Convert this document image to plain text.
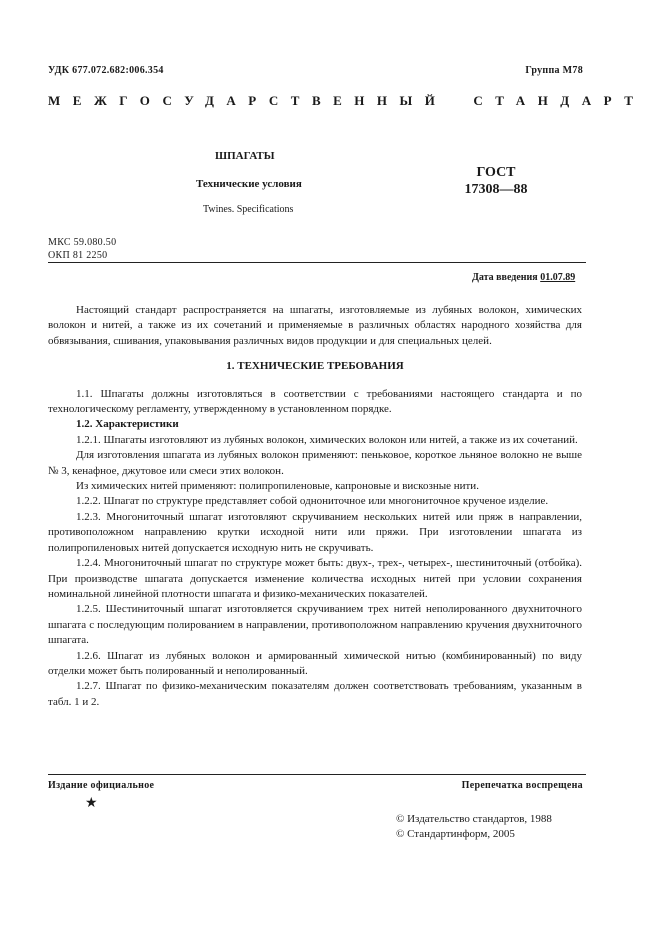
УДК 677.072.682:006.354	Группа М78
МЕЖГОСУДАРСТВЕННЫЙ СТАНДАРТ
ШПАГАТЫ
Технические условия
Twines. Specifications
ГОСТ
17308—88
МКС 59.080.50
ОКП 81 2250
Дата введения 01.07.89

Настоящий стандарт распространяется на шпагаты, изготовляемые из лубяных волокон, химических волокон и нитей, а также из их сочетаний и применяемые в различных областях народного хозяйства для обвязывания, сшивания, упаковывания различных видов продукции и для специальных целей.

1. ТЕХНИЧЕСКИЕ ТРЕБОВАНИЯ

1.1. Шпагаты должны изготовляться в соответствии с требованиями настоящего стандарта и по технологическому регламенту, утвержденному в установленном порядке.

1.2. Характеристики

1.2.1. Шпагаты изготовляют из лубяных волокон, химических волокон или нитей, а также из их сочетаний.

Для изготовления шпагата из лубяных волокон применяют: пеньковое, короткое льняное волокно не выше № 3, кенафное, джутовое или смеси этих волокон.

Из химических нитей применяют: полипропиленовые, капроновые и вискозные нити.

1.2.2. Шпагат по структуре представляет собой однониточное или многониточное крученое изделие.

1.2.3. Многониточный шпагат изготовляют скручиванием нескольких нитей или пряж в направлении, противоположном направлению крутки исходной нити или пряжи. При изготовлении шпагата из полипропиленовых нитей допускается исходную нить не скручивать.

1.2.4. Многониточный шпагат по структуре может быть: двух-, трех-, четырех-, шестиниточный (отбойка). При производстве шпагата допускается изменение количества исходных нитей при условии сохранения номинальной линейной плотности шпагата и физико-механических показателей.

1.2.5. Шестиниточный шпагат изготовляется скручиванием трех нитей неполированного двухниточного шпагата с последующим полированием в направлении, противоположном направлению кручения двухниточного шпагата.

1.2.6. Шпагат из лубяных волокон и армированный химической нитью (комбинированный) по виду отделки может быть полированный и неполированный.

1.2.7. Шпагат по физико-механическим показателям должен соответствовать требованиям, указанным в табл. 1 и 2.

Издание официальное	Перепечатка воспрещена
★
© Издательство стандартов, 1988
© Стандартинформ, 2005
